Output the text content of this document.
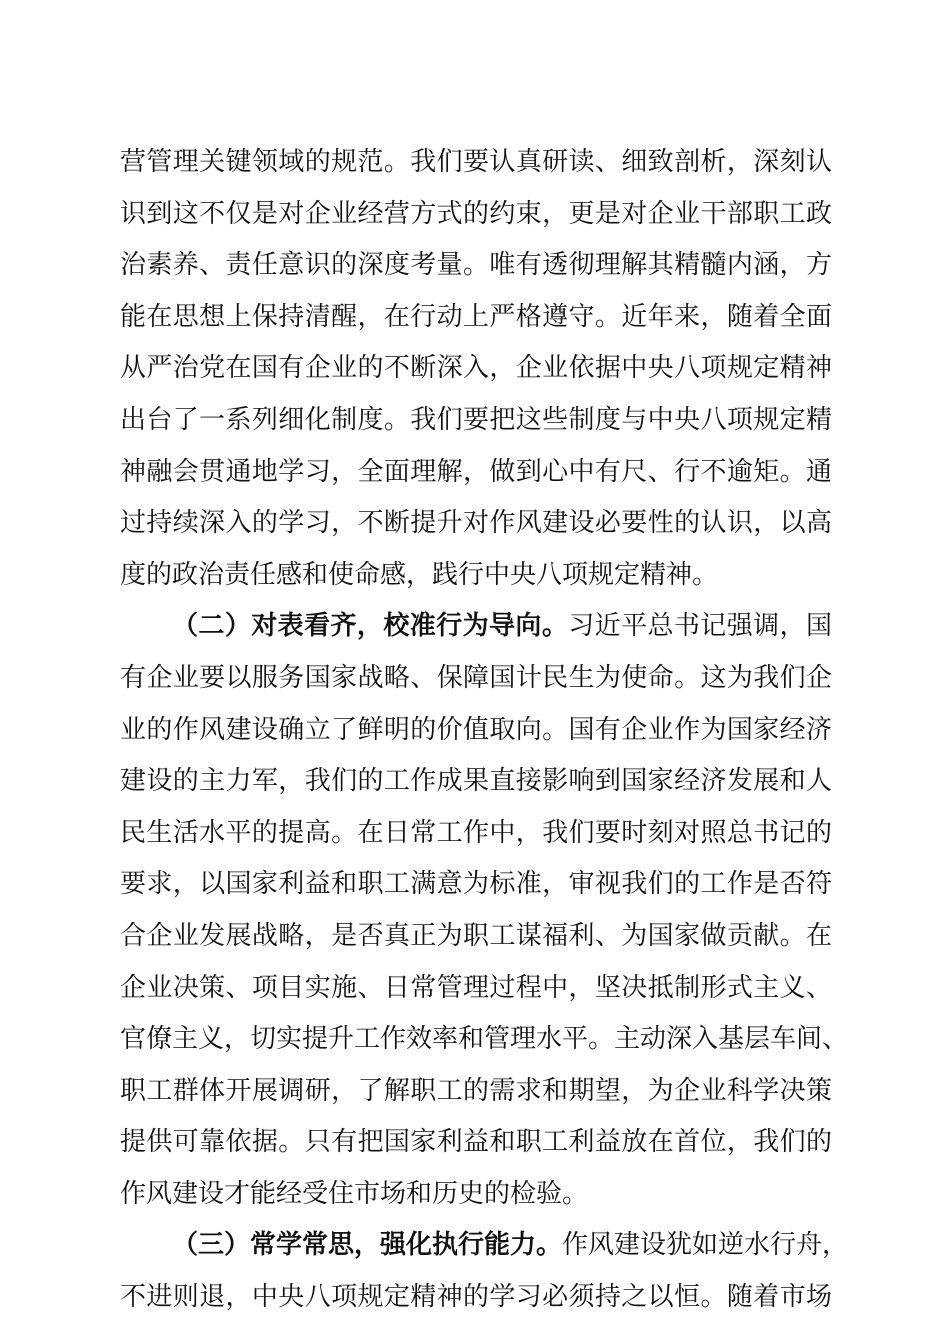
营管理关键领域的规范。我们要认真研读、细致剖析，深刻认
识到这不仅是对企业经营方式的约束，更是对企业干部职工政
治素养、责任意识的深度考量。唯有透彻理解其精髓内涵，方
能在思想上保持清醒，在行动上严格遵守。近年来，随着全面
从严治党在国有企业的不断深入，企业依据中央八项规定精神
出台了一系列细化制度。我们要把这些制度与中央八项规定精
神融会贯通地学习，全面理解，做到心中有尺、行不逾矩。通
过持续深入的学习，不断提升对作风建设必要性的认识，以高
度的政治责任感和使命感，践行中央八项规定精神。
（二）对表看齐，校准行为导向。习近平总书记强调，国
有企业要以服务国家战略、保障国计民生为使命。这为我们企
业的作风建设确立了鲜明的价值取向。国有企业作为国家经济
建设的主力军，我们的工作成果直接影响到国家经济发展和人
民生活水平的提高。在日常工作中，我们要时刻对照总书记的
要求，以国家利益和职工满意为标准，审视我们的工作是否符
合企业发展战略，是否真正为职工谋福利、为国家做贡献。在
企业决策、项目实施、日常管理过程中，坚决抵制形式主义、
官僚主义，切实提升工作效率和管理水平。主动深入基层车间、
职工群体开展调研，了解职工的需求和期望，为企业科学决策
提供可靠依据。只有把国家利益和职工利益放在首位，我们的
作风建设才能经受住市场和历史的检验。
（三）常学常思，强化执行能力。作风建设犹如逆水行舟，
不进则退，中央八项规定精神的学习必须持之以恒。随着市场
